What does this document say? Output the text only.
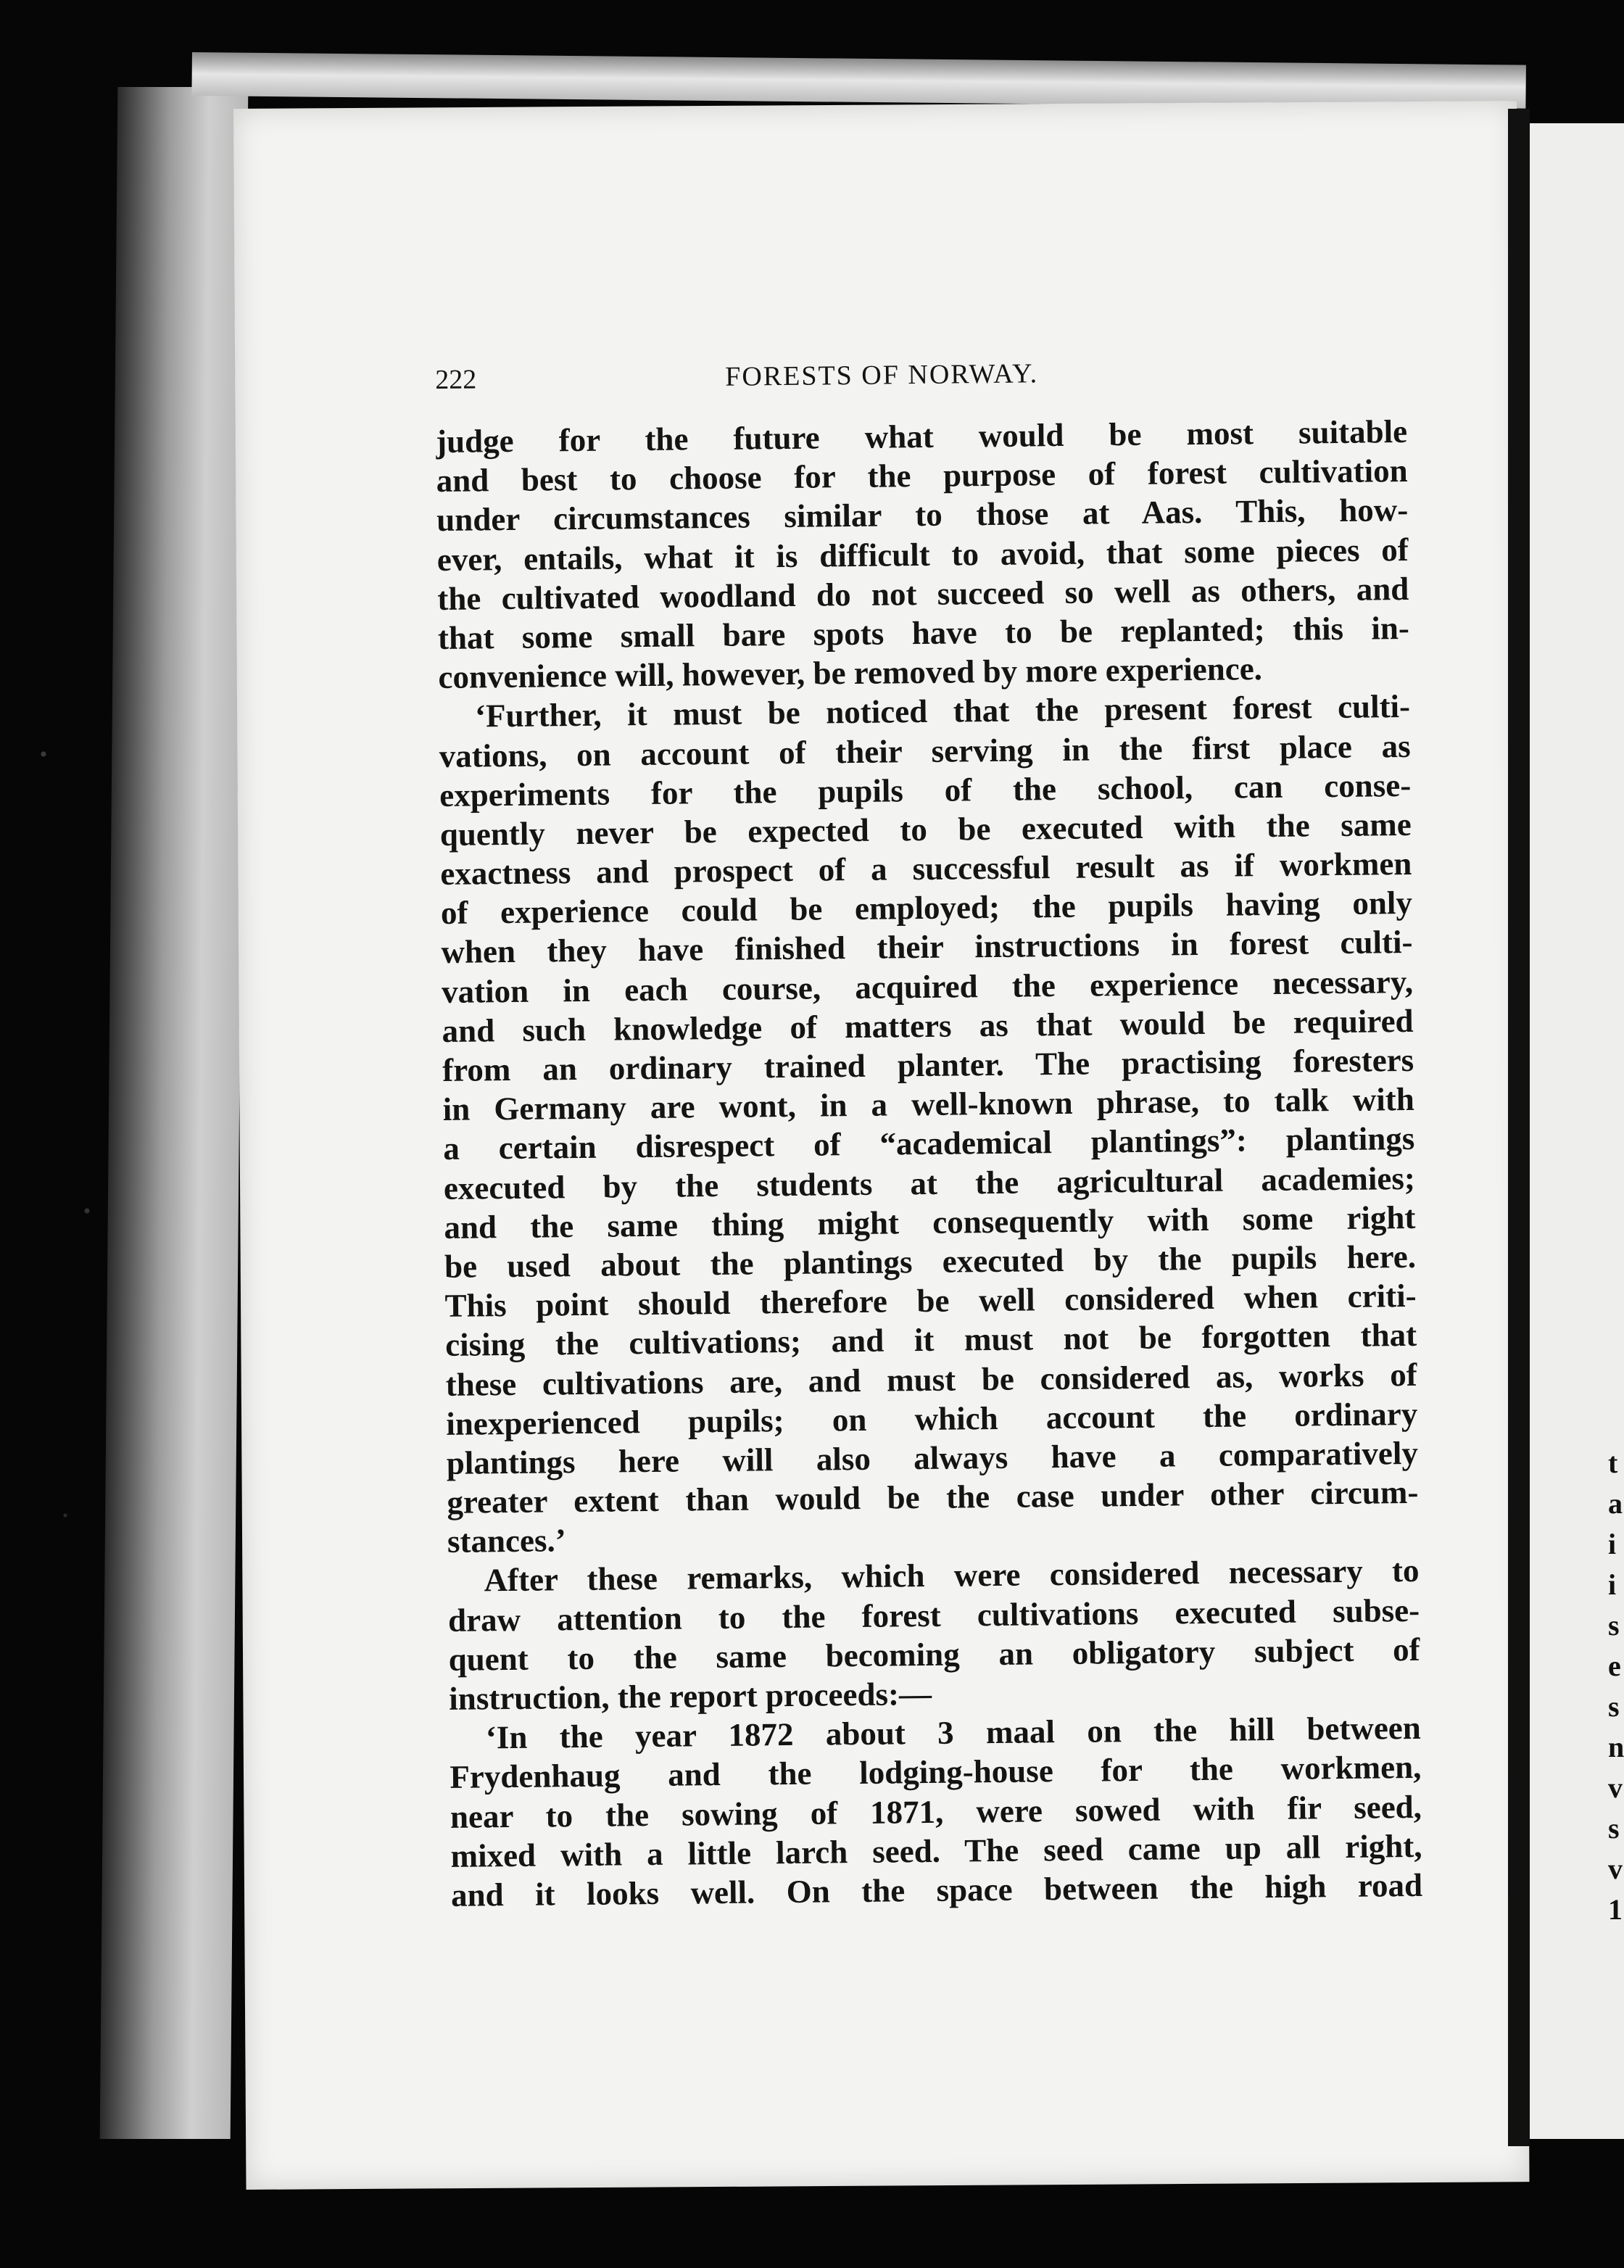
t
a
i
i
s
e
s
n
v
s
v
1
222	FORESTS OF NORWAY.

judge for the future what would be most suitable
and best to choose for the purpose of forest cultivation
under circumstances similar to those at Aas. This, how-
ever, entails, what it is difficult to avoid, that some pieces of
the cultivated woodland do not succeed so well as others, and
that some small bare spots have to be replanted; this in-
convenience will, however, be removed by more experience.

‘Further, it must be noticed that the present forest culti-
vations, on account of their serving in the first place as
experiments for the pupils of the school, can conse-
quently never be expected to be executed with the same
exactness and prospect of a successful result as if workmen
of experience could be employed; the pupils having only
when they have finished their instructions in forest culti-
vation in each course, acquired the experience necessary,
and such knowledge of matters as that would be required
from an ordinary trained planter. The practising foresters
in Germany are wont, in a well-known phrase, to talk with
a certain disrespect of “academical plantings”: plantings
executed by the students at the agricultural academies;
and the same thing might consequently with some right
be used about the plantings executed by the pupils here.
This point should therefore be well considered when criti-
cising the cultivations; and it must not be forgotten that
these cultivations are, and must be considered as, works of
inexperienced pupils; on which account the ordinary
plantings here will also always have a comparatively
greater extent than would be the case under other circum-
stances.’

After these remarks, which were considered necessary to
draw attention to the forest cultivations executed subse-
quent to the same becoming an obligatory subject of
instruction, the report proceeds:—

‘In the year 1872 about 3 maal on the hill between
Frydenhaug and the lodging-house for the workmen,
near to the sowing of 1871, were sowed with fir seed,
mixed with a little larch seed. The seed came up all right,
and it looks well. On the space between the high road
